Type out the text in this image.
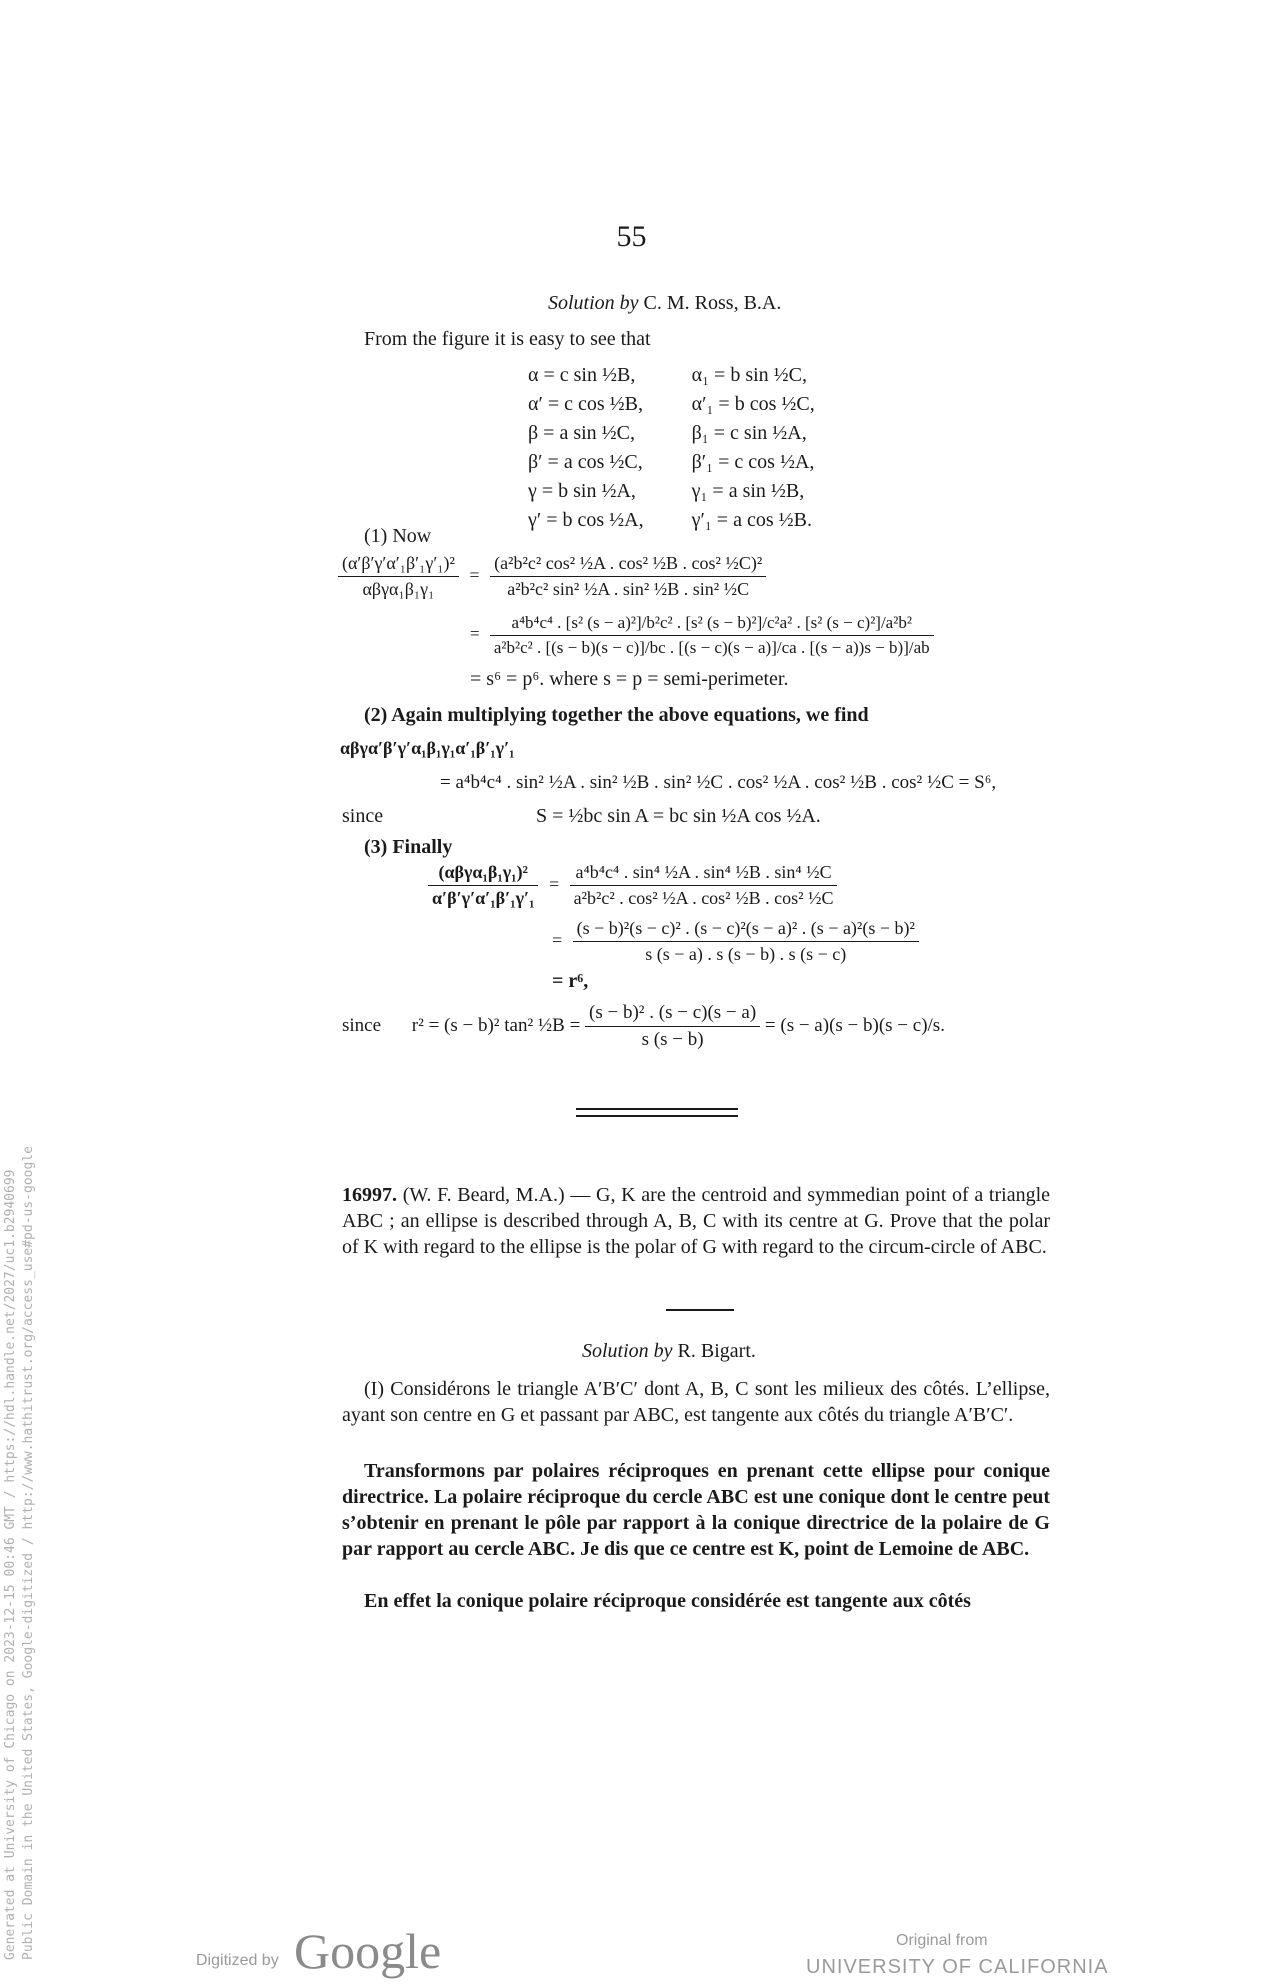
55
Solution by C. M. Ross, B.A.
From the figure it is easy to see that
α = c sin ½B,	α₁ = b sin ½C,
α′ = c cos ½B,	α′₁ = b cos ½C,
β = a sin ½C,	β₁ = c sin ½A,
β′ = a cos ½C,	β′₁ = c cos ½A,
γ = b sin ½A,	γ₁ = a sin ½B,
γ′ = b cos ½A,	γ′₁ = a cos ½B.
(1) Now
$\frac{\text{(α′β′γ′α′₁β′₁γ′₁)²}}{\text{αβγα₁β₁γ₁}} = \frac{\text{(a²b²c² cos² ½A . cos² ½B . cos² ½C)²}}{\text{a²b²c² sin² ½A . sin² ½B . sin² ½C}}$
=
a⁴b⁴c⁴ . [s² (s − a)²]/b²c² . [s² (s − b)²]/c²a² . [s² (s − c)²]/a²b²
a²b²c² . [(s − b)(s − c)]/bc . [(s − c)(s − a)]/ca . [(s − a))s − b)]/ab
= s⁶ = p⁶. where s = p = semi-perimeter.
(2) Again multiplying together the above equations, we find
αβγα′β′γ′α₁β₁γ₁α′₁β′₁γ′₁
= a⁴b⁴c⁴ . sin² ½A . sin² ½B . sin² ½C . cos² ½A . cos² ½B . cos² ½C = S⁶,
since	S = ½bc sin A = bc sin ½A cos ½A.
(3) Finally
$\frac{\text{(αβγα₁β₁γ₁)²}}{\text{α′β′γ′α′₁β′₁γ′₁}} = \frac{\text{a⁴b⁴c⁴ . sin⁴ ½A . sin⁴ ½B . sin⁴ ½C}}{\text{a²b²c² . cos² ½A . cos² ½B . cos² ½C}}$
= $\frac{\text{(s − b)²(s − c)² . (s − c)²(s − a)² . (s − a)²(s − b)²}}{s (s - a) . s (s - b) . s (s - c)}$
= r⁶,
since r² = (s − b)² tan² ½B = $\frac{\text{(s − b)² . (s − c)(s − a)}}{s (s - b)} = (s - a)(s - b)(s - c)/s$.
16997. (W. F. Beard, M.A.) — G, K are the centroid and symmedian point of a triangle ABC ; an ellipse is described through A, B, C with its centre at G. Prove that the polar of K with regard to the ellipse is the polar of G with regard to the circum-circle of ABC.
Solution by R. Bigart.
(I) Considérons le triangle A′B′C′ dont A, B, C sont les milieux des côtés. L’ellipse, ayant son centre en G et passant par ABC, est tangente aux côtés du triangle A′B′C′.
Transformons par polaires réciproques en prenant cette ellipse pour conique directrice. La polaire réciproque du cercle ABC est une conique dont le centre peut s’obtenir en prenant le pôle par rapport à la conique directrice de la polaire de G par rapport au cercle ABC. Je dis que ce centre est K, point de Lemoine de ABC.
En effet la conique polaire réciproque considérée est tangente aux côtés
Generated at University of Chicago on 2023-12-15 00:46 GMT / https://hdl.handle.net/2027/uc1.b2940699 Public Domain in the United States, Google-digitized / http://www.hathitrust.org/access_use#pd-us-google
Digitized by Google	Original from
UNIVERSITY OF CALIFORNIA
